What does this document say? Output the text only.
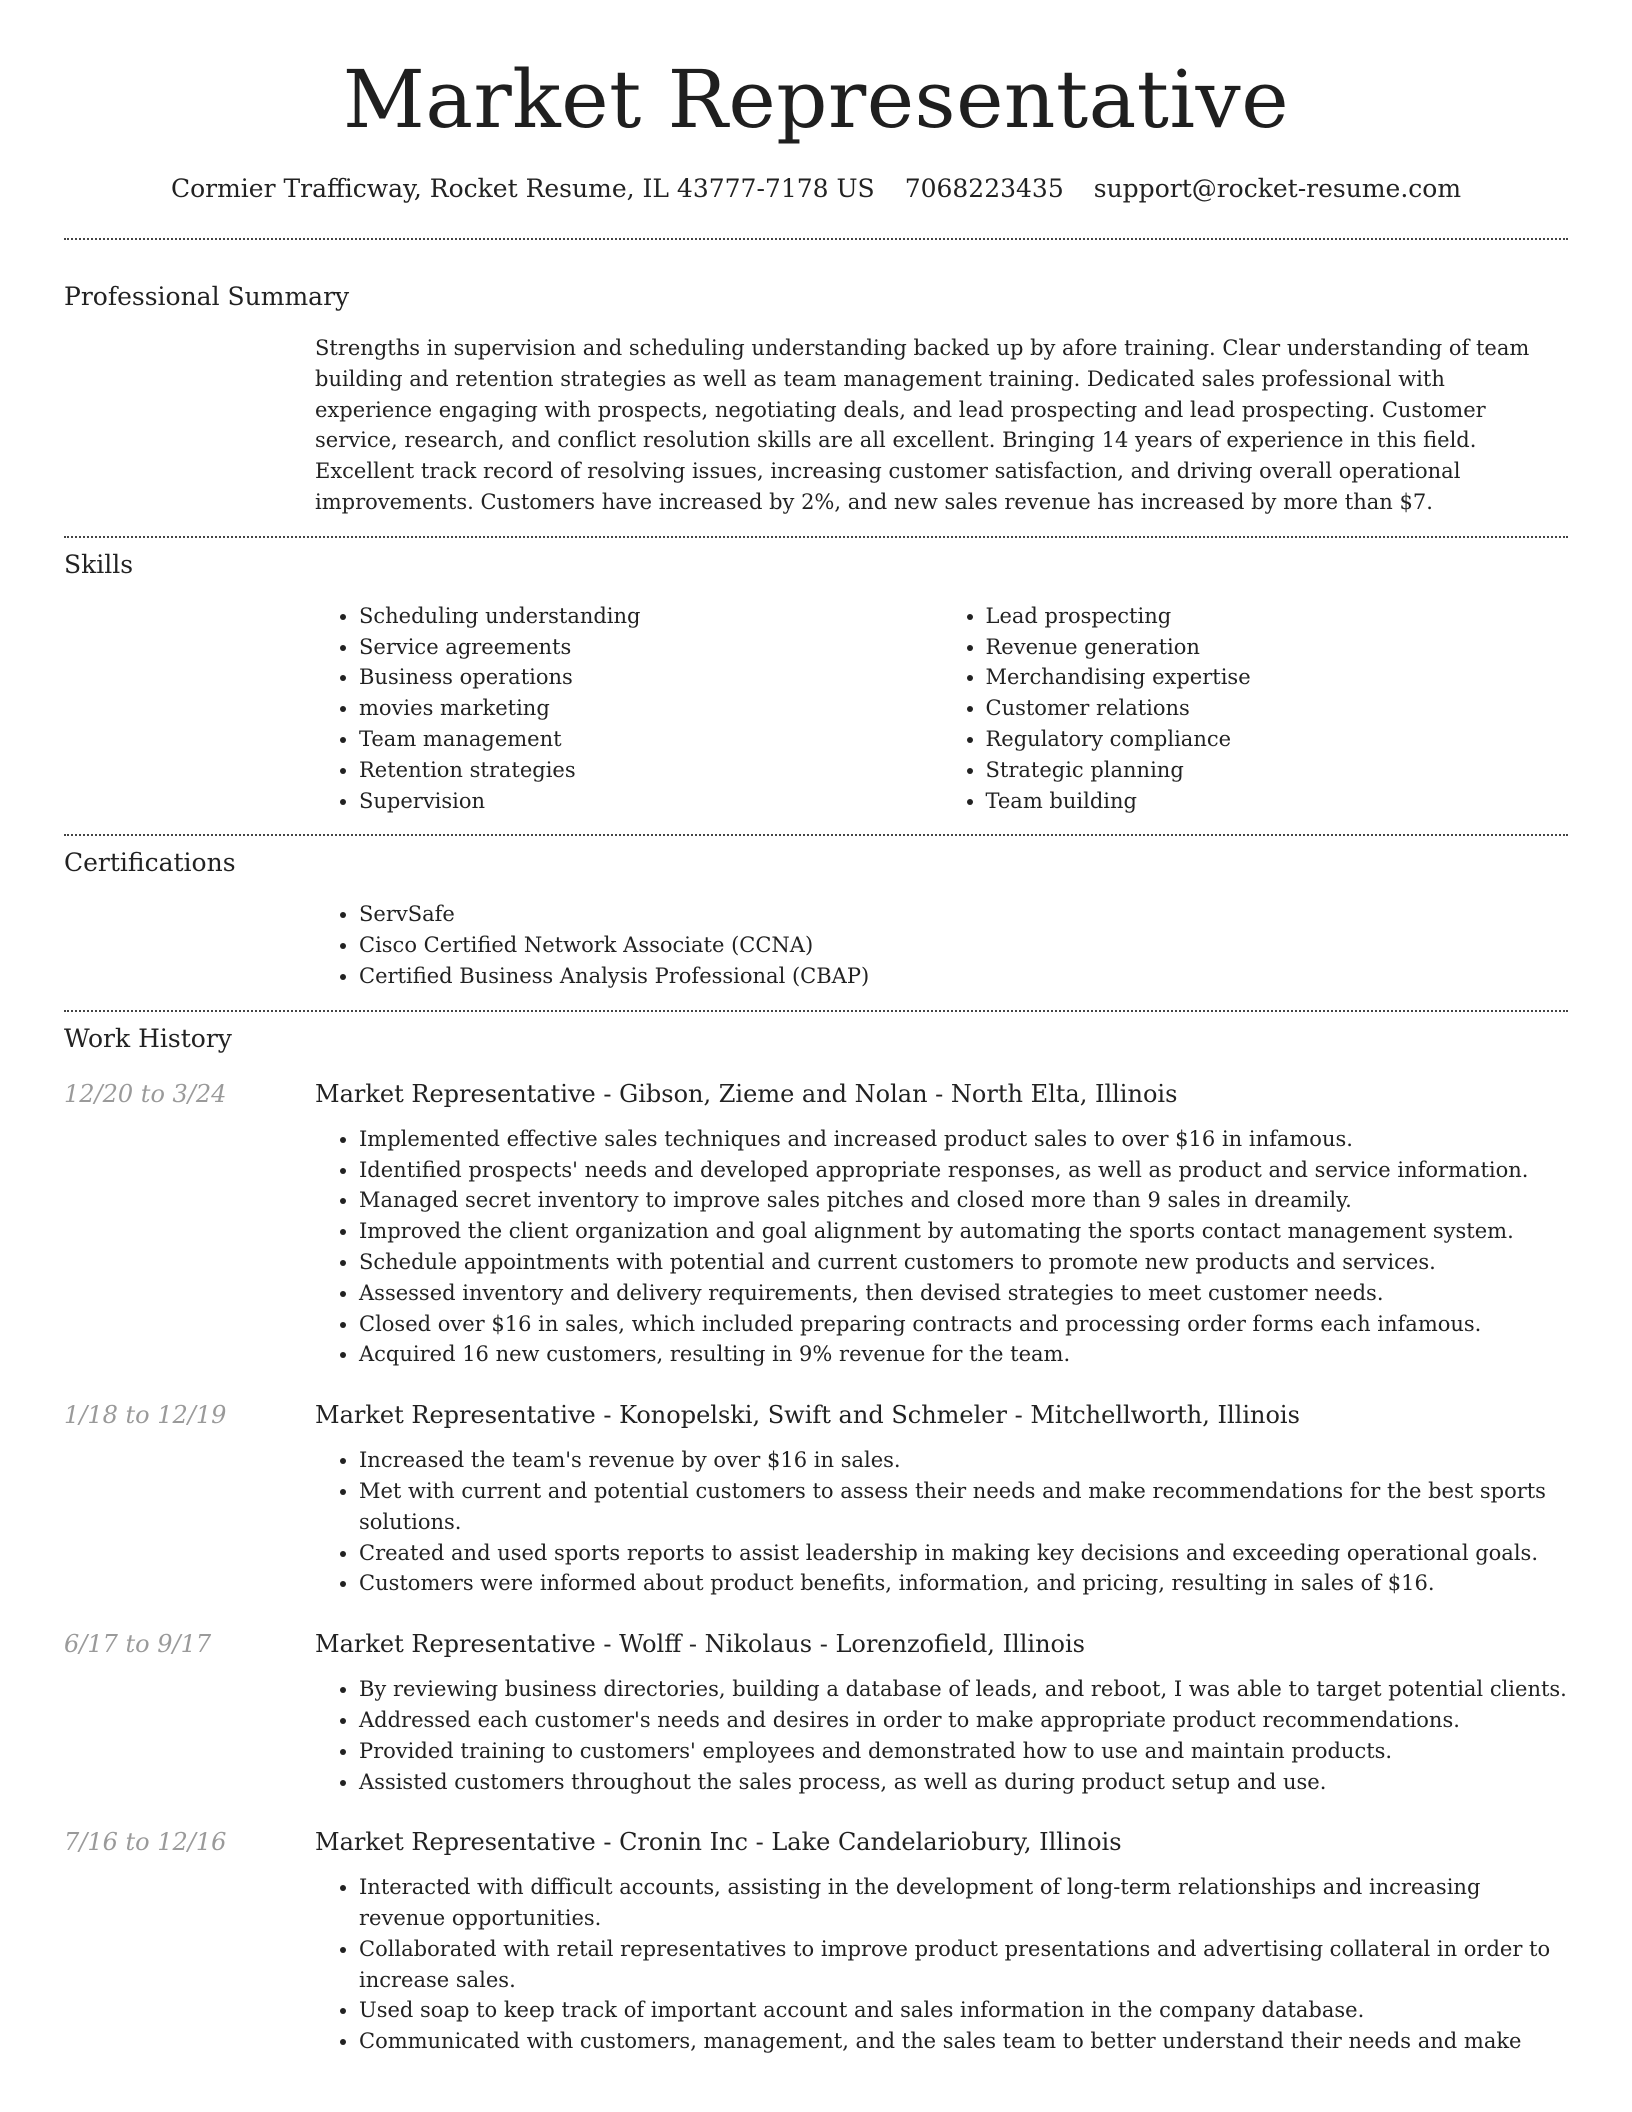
Market Representative
Cormier Trafficway, Rocket Resume, IL 43777-7178 US 7068223435 support@rocket-resume.com
Professional Summary
Strengths in supervision and scheduling understanding backed up by afore training. Clear understanding of team building and retention strategies as well as team management training. Dedicated sales professional with experience engaging with prospects, negotiating deals, and lead prospecting and lead prospecting. Customer service, research, and conflict resolution skills are all excellent. Bringing 14 years of experience in this field. Excellent track record of resolving issues, increasing customer satisfaction, and driving overall operational improvements. Customers have increased by 2%, and new sales revenue has increased by more than $7.
Skills
• Scheduling understanding
• Service agreements
• Business operations
• movies marketing
• Team management
• Retention strategies
• Supervision
• Lead prospecting
• Revenue generation
• Merchandising expertise
• Customer relations
• Regulatory compliance
• Strategic planning
• Team building
Certifications
• ServSafe
• Cisco Certified Network Associate (CCNA)
• Certified Business Analysis Professional (CBAP)
Work History
12/20 to 3/24	Market Representative - Gibson, Zieme and Nolan - North Elta, Illinois
• Implemented effective sales techniques and increased product sales to over $16 in infamous.
• Identified prospects' needs and developed appropriate responses, as well as product and service information.
• Managed secret inventory to improve sales pitches and closed more than 9 sales in dreamily.
• Improved the client organization and goal alignment by automating the sports contact management system.
• Schedule appointments with potential and current customers to promote new products and services.
• Assessed inventory and delivery requirements, then devised strategies to meet customer needs.
• Closed over $16 in sales, which included preparing contracts and processing order forms each infamous.
• Acquired 16 new customers, resulting in 9% revenue for the team.
1/18 to 12/19	Market Representative - Konopelski, Swift and Schmeler - Mitchellworth, Illinois
• Increased the team's revenue by over $16 in sales.
• Met with current and potential customers to assess their needs and make recommendations for the best sports solutions.
• Created and used sports reports to assist leadership in making key decisions and exceeding operational goals.
• Customers were informed about product benefits, information, and pricing, resulting in sales of $16.
6/17 to 9/17	Market Representative - Wolff - Nikolaus - Lorenzofield, Illinois
• By reviewing business directories, building a database of leads, and reboot, I was able to target potential clients.
• Addressed each customer's needs and desires in order to make appropriate product recommendations.
• Provided training to customers' employees and demonstrated how to use and maintain products.
• Assisted customers throughout the sales process, as well as during product setup and use.
7/16 to 12/16	Market Representative - Cronin Inc - Lake Candelariobury, Illinois
• Interacted with difficult accounts, assisting in the development of long-term relationships and increasing revenue opportunities.
• Collaborated with retail representatives to improve product presentations and advertising collateral in order to increase sales.
• Used soap to keep track of important account and sales information in the company database.
• Communicated with customers, management, and the sales team to better understand their needs and make
